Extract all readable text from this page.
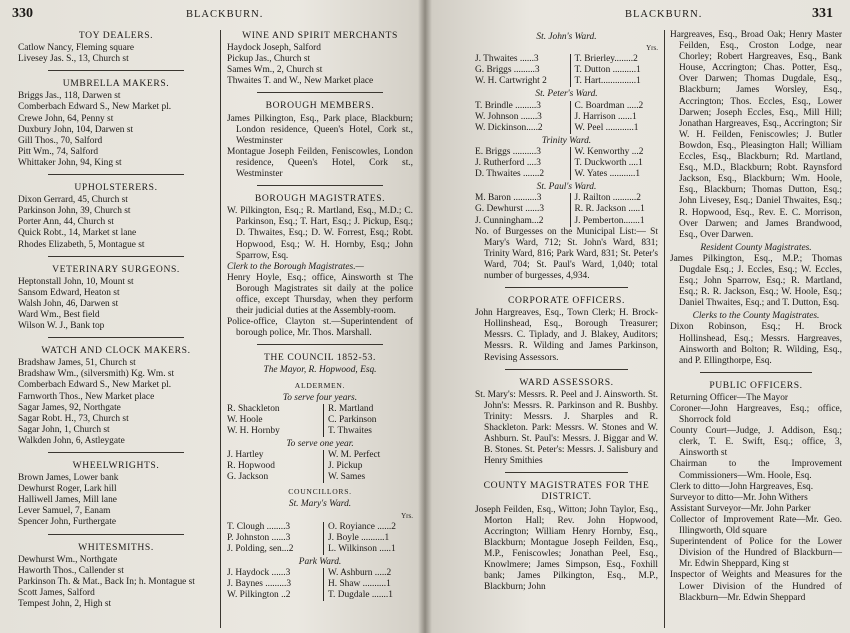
330	BLACKBURN.
TOY DEALERS.
Catlow Nancy, Fleming square
Livesey Jas. S., 13, Church st
UMBRELLA MAKERS.
Briggs Jas., 118, Darwen st
Comberbach Edward S., New Market pl.
Crewe John, 64, Penny st
Duxbury John, 104, Darwen st
Gill Thos., 70, Salford
Pitt Wm., 74, Salford
Whittaker John, 94, King st
UPHOLSTERERS.
Dixon Gerrard, 45, Church st
Parkinson John, 39, Church st
Porter Ann, 44, Church st
Quick Robt., 14, Market st lane
Rhodes Elizabeth, 5, Montague st
VETERINARY SURGEONS.
Heptonstall John, 10, Mount st
Sansom Edward, Heaton st
Walsh John, 46, Darwen st
Ward Wm., Best field
Wilson W. J., Bank top
WATCH AND CLOCK MAKERS.
Bradshaw James, 51, Church st
Bradshaw Wm., (silversmith) Kg. Wm. st
Comberbach Edward S., New Market pl.
Farnworth Thos., New Market place
Sagar James, 92, Northgate
Sagar Robt. H., 73, Church st
Sagar John, 1, Church st
Walkden John, 6, Astleygate
WHEELWRIGHTS.
Brown James, Lower bank
Dewhurst Roger, Lark hill
Halliwell James, Mill lane
Lever Samuel, 7, Eanam
Spencer John, Furthergate
WHITESMITHS.
Dewhurst Wm., Northgate
Haworth Thos., Callender st
Parkinson Th. & Mat., Back In; h. Montague st
Scott James, Salford
Tempest John, 2, High st
WINE AND SPIRIT MERCHANTS
Haydock Joseph, Salford
Pickup Jas., Church st
Sames Wm., 2, Church st
Thwaites T. and W., New Market place
BOROUGH MEMBERS.
James Pilkington, Esq., Park place, Blackburn; London residence, Queen's Hotel, Cork st., Westminster
Montague Joseph Feilden, Feniscowles, London residence, Queen's Hotel, Cork st., Westminster
BOROUGH MAGISTRATES.
W. Pilkington, Esq.; R. Martland, Esq., M.D.; C. Parkinson, Esq.; T. Hart, Esq.; J. Pickup, Esq.; D. Thwaites, Esq.; D. W. Forrest, Esq.; Robt. Hopwood, Esq.; W. H. Hornby, Esq.; John Sparrow, Esq.
Clerk to the Borough Magistrates.—
Henry Hoyle, Esq.; office, Ainsworth st The Borough Magistrates sit daily at the police office, except Thursday, when they perform their judicial duties at the Assembly-room.
Police-office, Clayton st.—Superintendent of borough police, Mr. Thos. Marshall.
THE COUNCIL 1852-53.
The Mayor, R. Hopwood, Esq.
ALDERMEN.
To serve four years.
R. Shackleton	R. Martland
W. Hoole	C. Parkinson
W. H. Hornby	T. Thwaites
To serve one year.
J. Hartley	W. M. Perfect
R. Hopwood	J. Pickup
G. Jackson	W. Sames
COUNCILLORS.
St. Mary's Ward.
Yrs.
T. Clough ........3	O. Royiance ......2
P. Johnston ......3	J. Boyle ..........1
J. Polding, sen...2	L. Wilkinson .....1
Park Ward.
J. Haydock ......3	W. Ashburn .....2
J. Baynes .........3	H. Shaw ..........1
W. Pilkington ..2	T. Dugdale .......1
BLACKBURN.	331
St. John's Ward.
Yrs.
J. Thwaites ......3	T. Brierley........2
G. Briggs .........3	T. Dutton ..........1
W. H. Cartwright 2	T. Hart...............1
St. Peter's Ward.
T. Brindle .........3	C. Boardman .....2
W. Johnson .......3	J. Harrison ......1
W. Dickinson.....2	W. Peel ............1
Trinity Ward.
E. Briggs ..........3	W. Kenworthy ...2
J. Rutherford ....3	T. Duckworth ....1
D. Thwaites .......2	W. Yates ...........1
St. Paul's Ward.
M. Baron ..........3	J. Railton ..........2
G. Dewhurst ......3	R. R. Jackson .....1
J. Cunningham...2	J. Pemberton.......1
No. of Burgesses on the Municipal List:— St Mary's Ward, 712; St. John's Ward, 831; Trinity Ward, 816; Park Ward, 831; St. Peter's Ward, 704; St. Paul's Ward, 1,040; total number of burgesses, 4,934.
CORPORATE OFFICERS.
John Hargreaves, Esq., Town Clerk; H. Brock-Hollinshead, Esq., Borough Treasurer; Messrs. C. Tiplady, and J. Blakey, Auditors; Messrs. R. Wilding and James Parkinson, Revising Assessors.
WARD ASSESSORS.
St. Mary's: Messrs. R. Peel and J. Ainsworth. St. John's: Messrs. R. Parkinson and R. Bushby. Trinity: Messrs. J. Sharples and R. Shackleton. Park: Messrs. W. Stones and W. Ashburn. St. Paul's: Messrs. J. Biggar and W. B. Stones. St. Peter's: Messrs. J. Salisbury and Henry Smithies
COUNTY MAGISTRATES FOR THE DISTRICT.
Joseph Feilden, Esq., Witton; John Taylor, Esq., Morton Hall; Rev. John Hopwood, Accrington; William Henry Hornby, Esq., Blackburn; Montague Joseph Feilden, Esq., M.P., Feniscowles; Jonathan Peel, Esq., Knowlmere; James Simpson, Esq., Foxhill bank; James Pilkington, Esq., M.P., Blackburn; John
Hargreaves, Esq., Broad Oak; Henry Master Feilden, Esq., Croston Lodge, near Chorley; Robert Hargreaves, Esq., Bank House, Accrington; Chas. Potter, Esq., Over Darwen; Thomas Dugdale, Esq., Blackburn; James Worsley, Esq., Accrington; Thos. Eccles, Esq., Lower Darwen; Joseph Eccles, Esq., Mill Hill; Jonathan Hargreaves, Esq., Accrington; Sir W. H. Feilden, Feniscowles; J. Butler Bowdon, Esq., Pleasington Hall; William Eccles, Esq., Blackburn; Rd. Martland, Esq., M.D., Blackburn; Robt. Raynsford Jackson, Esq., Blackburn; Wm. Hoole, Esq., Blackburn; Thomas Dutton, Esq.; John Livesey, Esq.; Daniel Thwaites, Esq.; R. Hopwood, Esq., Rev. E. C. Morrison, Over Darwen; and James Brandwood, Esq., Over Darwen.
Resident County Magistrates.
James Pilkington, Esq., M.P.; Thomas Dugdale Esq.; J. Eccles, Esq.; W. Eccles, Esq.; John Sparrow, Esq.; R. Martland, Esq.; R. R. Jackson, Esq.; W. Hoole, Esq.; Daniel Thwaites, Esq.; and T. Dutton, Esq.
Clerks to the County Magistrates.
Dixon Robinson, Esq.; H. Brock Hollinshead, Esq.; Messrs. Hargreaves, Ainsworth and Bolton; R. Wilding, Esq., and P. Ellingthorpe, Esq.
PUBLIC OFFICERS.
Returning Officer—The Mayor
Coroner—John Hargreaves, Esq.; office, Shorrock fold
County Court—Judge, J. Addison, Esq.; clerk, T. E. Swift, Esq.; office, 3, Ainsworth st
Chairman to the Improvement Commissioners—Wm. Hoole, Esq.
Clerk to ditto—John Hargreaves, Esq.
Surveyor to ditto—Mr. John Withers
Assistant Surveyor—Mr. John Parker
Collector of Improvement Rate—Mr. Geo. Illingworth, Old square
Superintendent of Police for the Lower Division of the Hundred of Blackburn—Mr. Edwin Sheppard, King st
Inspector of Weights and Measures for the Lower Division of the Hundred of Blackburn—Mr. Edwin Sheppard
